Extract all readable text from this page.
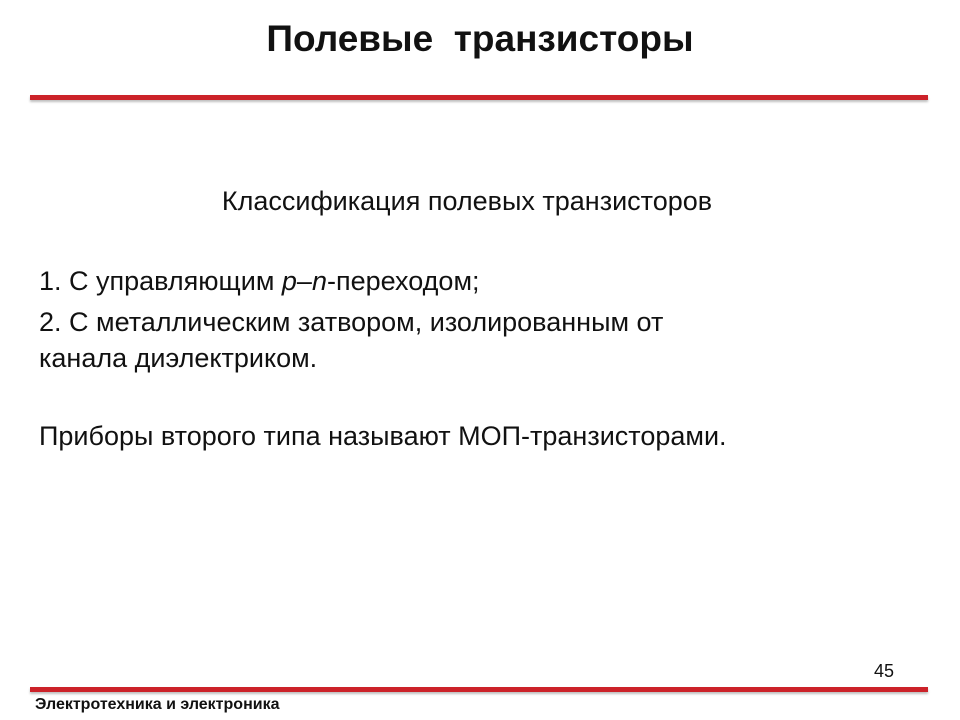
Полевые  транзисторы
Классификация полевых транзисторов
1. С управляющим p–n-переходом;
2. С металлическим затвором, изолированным от
канала диэлектриком.
Приборы второго типа называют МОП-транзисторами.
45
Электротехника и электроника
